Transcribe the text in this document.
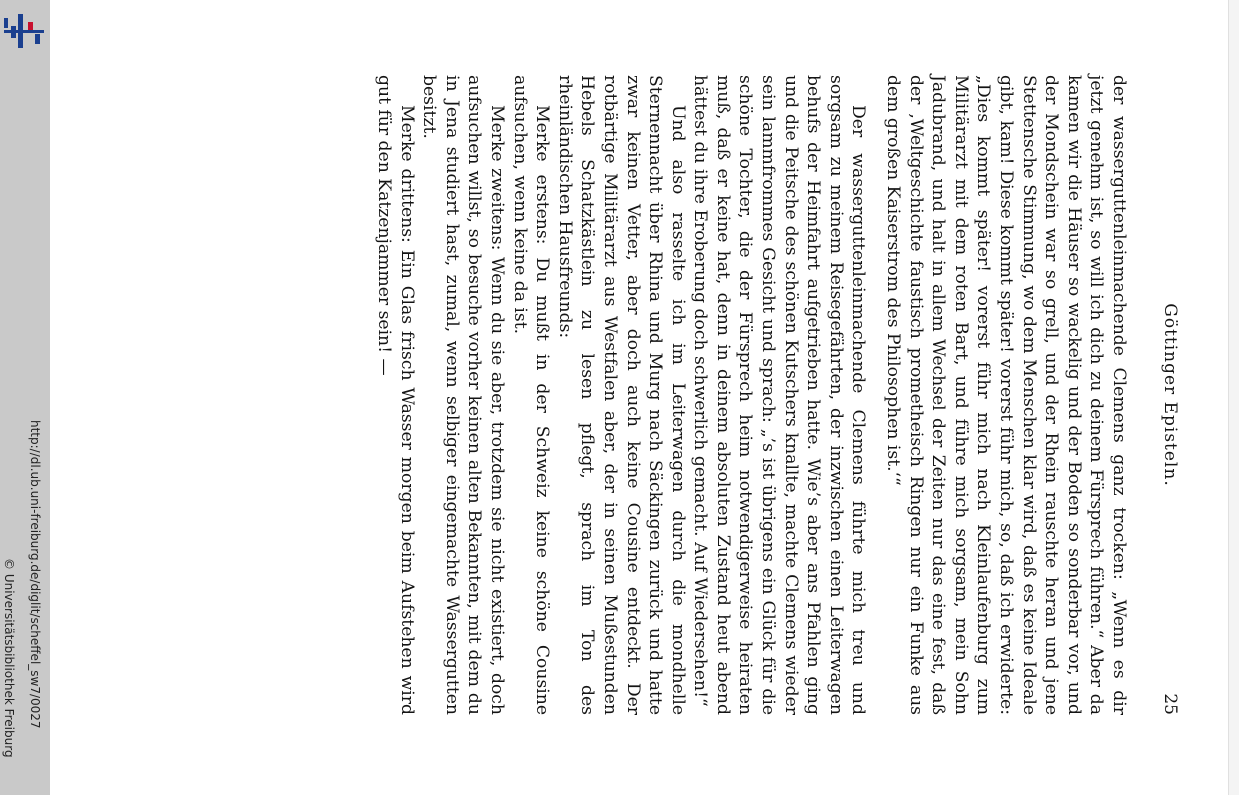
http://dl.ub.uni-freiburg.de/diglit/scheffel_sw7/0027
© Universitätsbibliothek Freiburg
Göttinger Episteln.
25

der wasserguttenleinmachende Clemens ganz trocken: „Wenn es dir jetzt genehm ist, so will ich dich zu deinem Fürsprech führen.“ Aber da kamen wir die Häuser so wackelig und der Boden so sonderbar vor, und der Mondschein war so grell, und der Rhein rauschte heran und jene Stettensche Stimmung, wo dem Menschen klar wird, daß es keine Ideale gibt, kam! Diese kommt später! vorerst führ mich, so, daß ich erwiderte: „Dies kommt später! vorerst führ mich nach Kleinlaufenburg zum Militärarzt mit dem roten Bart, und führe mich sorgsam, mein Sohn Jadubrand, und halt in allem Wechsel der Zeiten nur das eine fest, daß der ‚Weltgeschichte faustisch prometheisch Ringen nur ein Funke aus dem großen Kaiserstrom des Philosophen ist.‘“

Der wasserguttenleinmachende Clemens führte mich treu und sorgsam zu meinem Reisegefährten, der inzwischen einen Leiterwagen behufs der Heimfahrt aufgetrieben hatte. Wie’s aber ans Pfahlen ging und die Peitsche des schönen Kutschers knallte, machte Clemens wieder sein lammfrommes Gesicht und sprach: „’s ist übrigens ein Glück für die schöne Tochter, die der Fürsprech heim notwendigerweise heiraten muß, daß er keine hat, denn in deinem absoluten Zustand heut abend hättest du ihre Eroberung doch schwerlich gemacht. Auf Wiedersehen!“

Und also rasselte ich im Leiterwagen durch die mondhelle Sternennacht über Rhina und Murg nach Säckingen zurück und hatte zwar keinen Vetter, aber doch auch keine Cousine entdeckt. Der rotbärtige Militärarzt aus Westfalen aber, der in seinen Mußestunden Hebels Schatzkästlein zu lesen pflegt, sprach im Ton des rheinländischen Hausfreunds:

Merke erstens: Du mußt in der Schweiz keine schöne Cousine aufsuchen, wenn keine da ist.

Merke zweitens: Wenn du sie aber, trotzdem sie nicht existiert, doch aufsuchen willst, so besuche vorher keinen alten Bekannten, mit dem du in Jena studiert hast, zumal, wenn selbiger eingemachte Wassergutten besitzt.

Merke drittens: Ein Glas frisch Wasser morgen beim Aufstehen wird gut für den Katzenjammer sein! —
